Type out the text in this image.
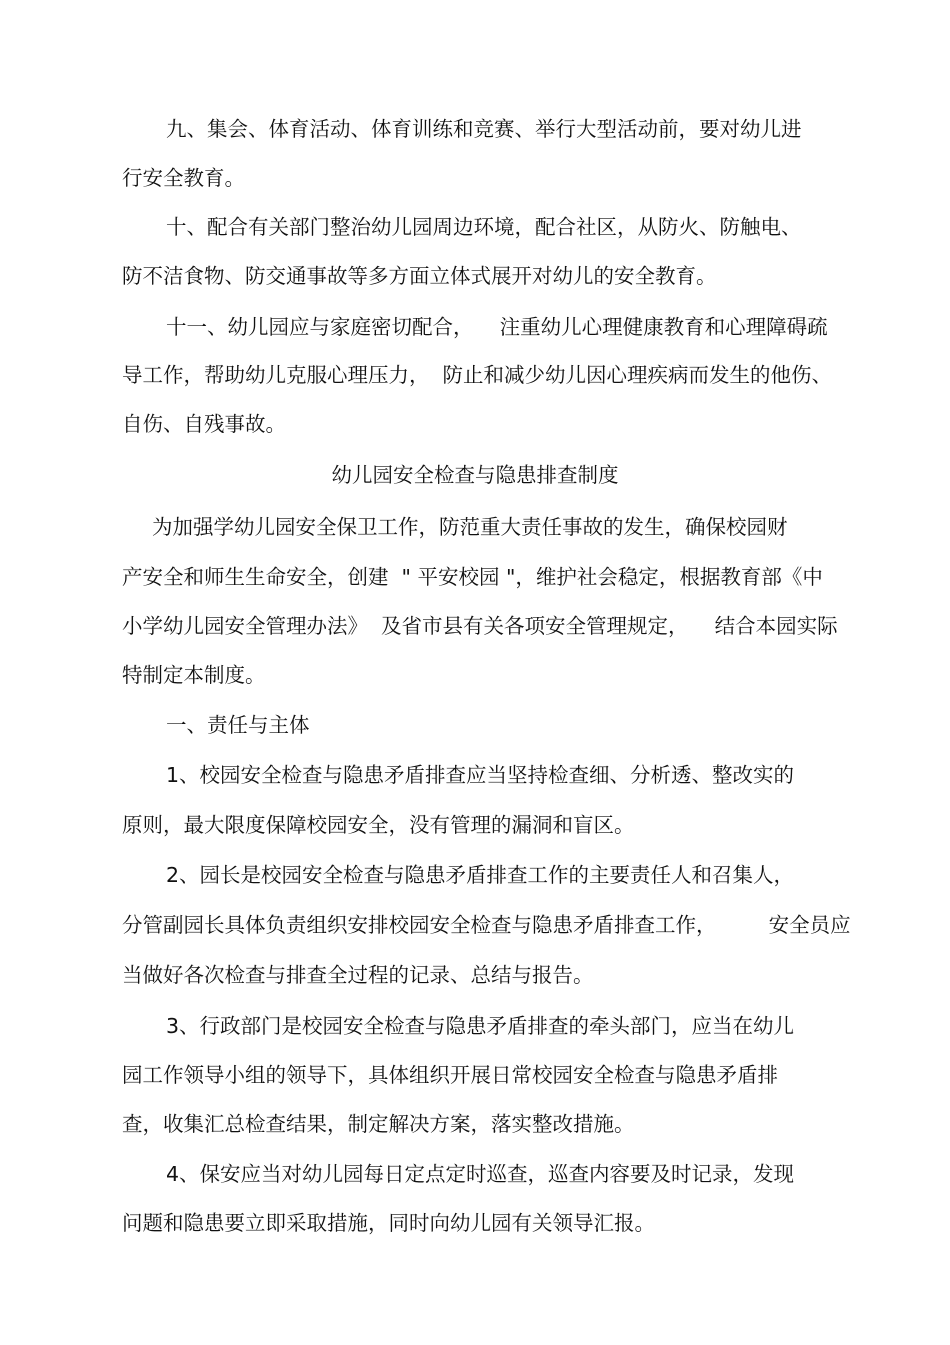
九、集会、体育活动、体育训练和竞赛、举行大型活动前，要对幼儿进
行安全教育。
十、配合有关部门整治幼儿园周边环境，配合社区，从防火、防触电、
防不洁食物、防交通事故等多方面立体式展开对幼儿的安全教育。
十一、幼儿园应与家庭密切配合，    注重幼儿心理健康教育和心理障碍疏
导工作，帮助幼儿克服心理压力，  防止和减少幼儿因心理疾病而发生的他伤、
自伤、自残事故。
幼儿园安全检查与隐患排查制度
为加强学幼儿园安全保卫工作，防范重大责任事故的发生，确保校园财
产安全和师生生命安全，创建  " 平安校园 "，维护社会稳定，根据教育部《中
小学幼儿园安全管理办法》  及省市县有关各项安全管理规定，    结合本园实际
特制定本制度。
一、责任与主体
1、校园安全检查与隐患矛盾排查应当坚持检查细、分析透、整改实的
原则，最大限度保障校园安全，没有管理的漏洞和盲区。
2、园长是校园安全检查与隐患矛盾排查工作的主要责任人和召集人，
分管副园长具体负责组织安排校园安全检查与隐患矛盾排查工作，        安全员应
当做好各次检查与排查全过程的记录、总结与报告。
3、行政部门是校园安全检查与隐患矛盾排查的牵头部门，应当在幼儿
园工作领导小组的领导下，具体组织开展日常校园安全检查与隐患矛盾排
查，收集汇总检查结果，制定解决方案，落实整改措施。
4、保安应当对幼儿园每日定点定时巡查，巡查内容要及时记录，发现
问题和隐患要立即采取措施，同时向幼儿园有关领导汇报。
